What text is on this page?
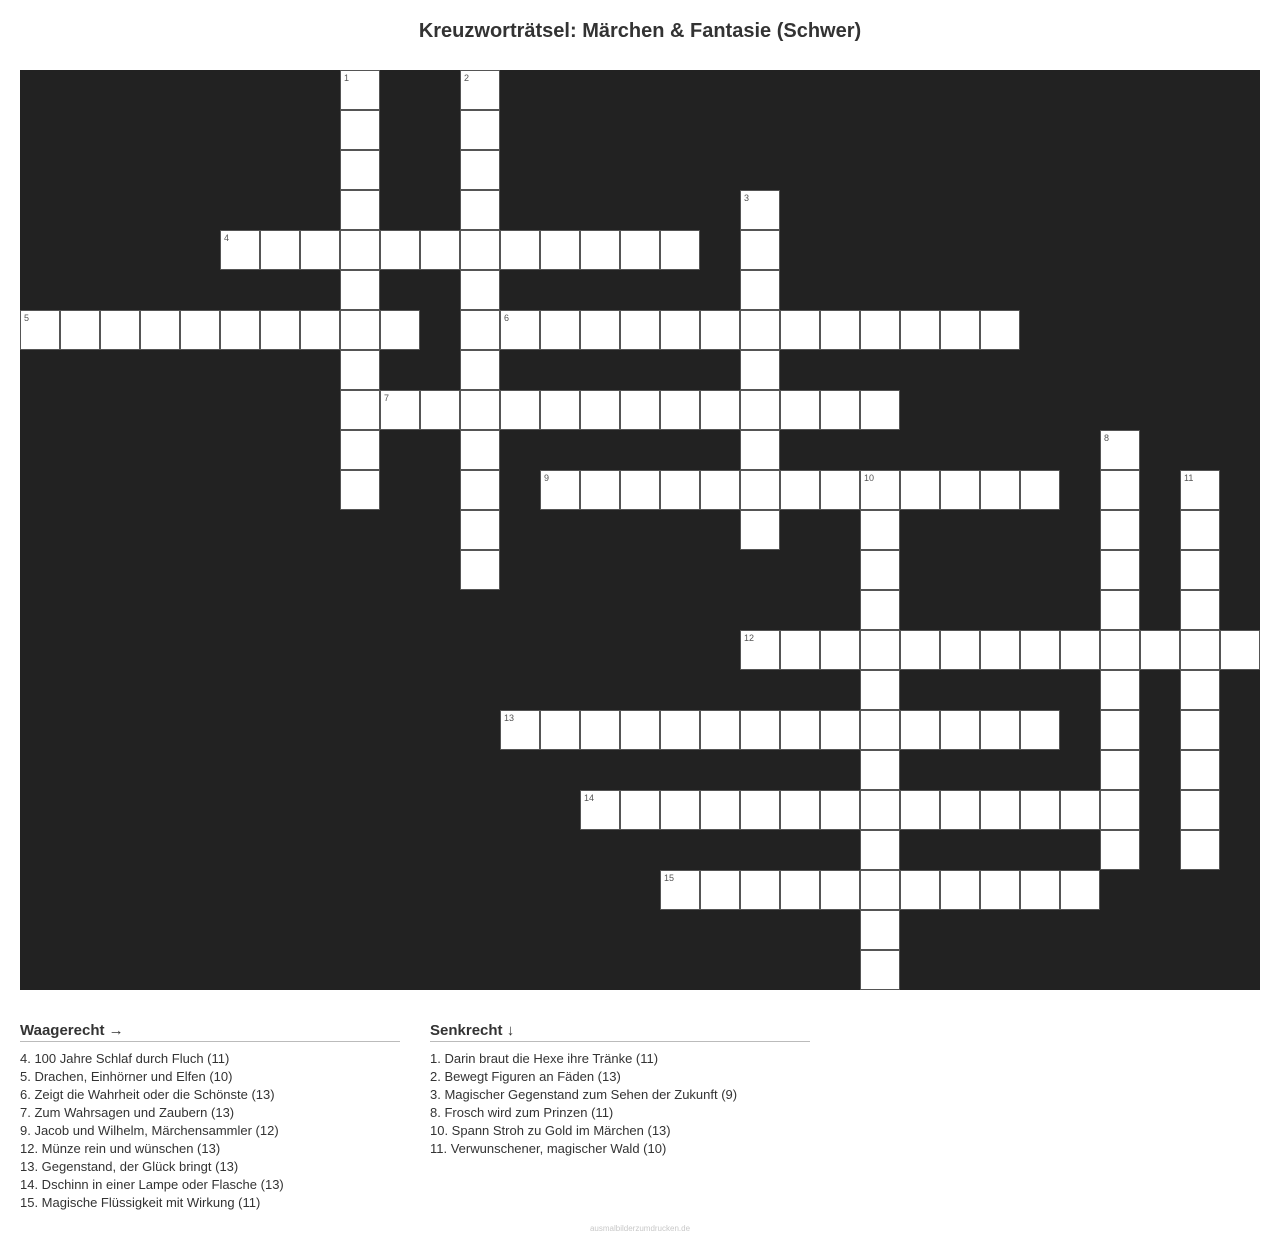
Kreuzworträtsel: Märchen & Fantasie (Schwer)
1	2
3
4
5	6
7
8
9	10	11
12
13
14
15
Waagerecht →
4. 100 Jahre Schlaf durch Fluch (11)
5. Drachen, Einhörner und Elfen (10)
6. Zeigt die Wahrheit oder die Schönste (13)
7. Zum Wahrsagen und Zaubern (13)
9. Jacob und Wilhelm, Märchensammler (12)
12. Münze rein und wünschen (13)
13. Gegenstand, der Glück bringt (13)
14. Dschinn in einer Lampe oder Flasche (13)
15. Magische Flüssigkeit mit Wirkung (11)
Senkrecht ↓
1. Darin braut die Hexe ihre Tränke (11)
2. Bewegt Figuren an Fäden (13)
3. Magischer Gegenstand zum Sehen der Zukunft (9)
8. Frosch wird zum Prinzen (11)
10. Spann Stroh zu Gold im Märchen (13)
11. Verwunschener, magischer Wald (10)
ausmalbilderzumdrucken.de
